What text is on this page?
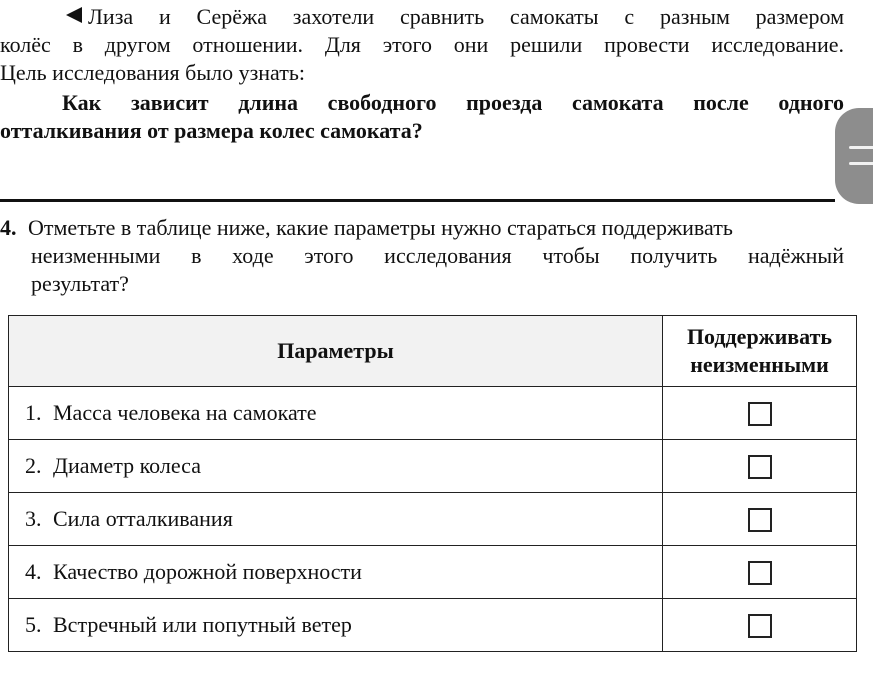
Лиза и Серёжа захотели сравнить самокаты с разным размером
колёс в другом отношении. Для этого они решили провести исследование.
Цель исследования было узнать:
Как зависит длина свободного проезда самоката после одного
отталкивания от размера колес самоката?
4. Отметьте в таблице ниже, какие параметры нужно стараться поддерживать
неизменными в ходе этого исследования чтобы получить надёжный
результат?
Параметры	Поддерживать
неизменными
1. Масса человека на самокате	
2. Диаметр колеса	
3. Сила отталкивания	
4. Качество дорожной поверхности	
5. Встречный или попутный ветер	
